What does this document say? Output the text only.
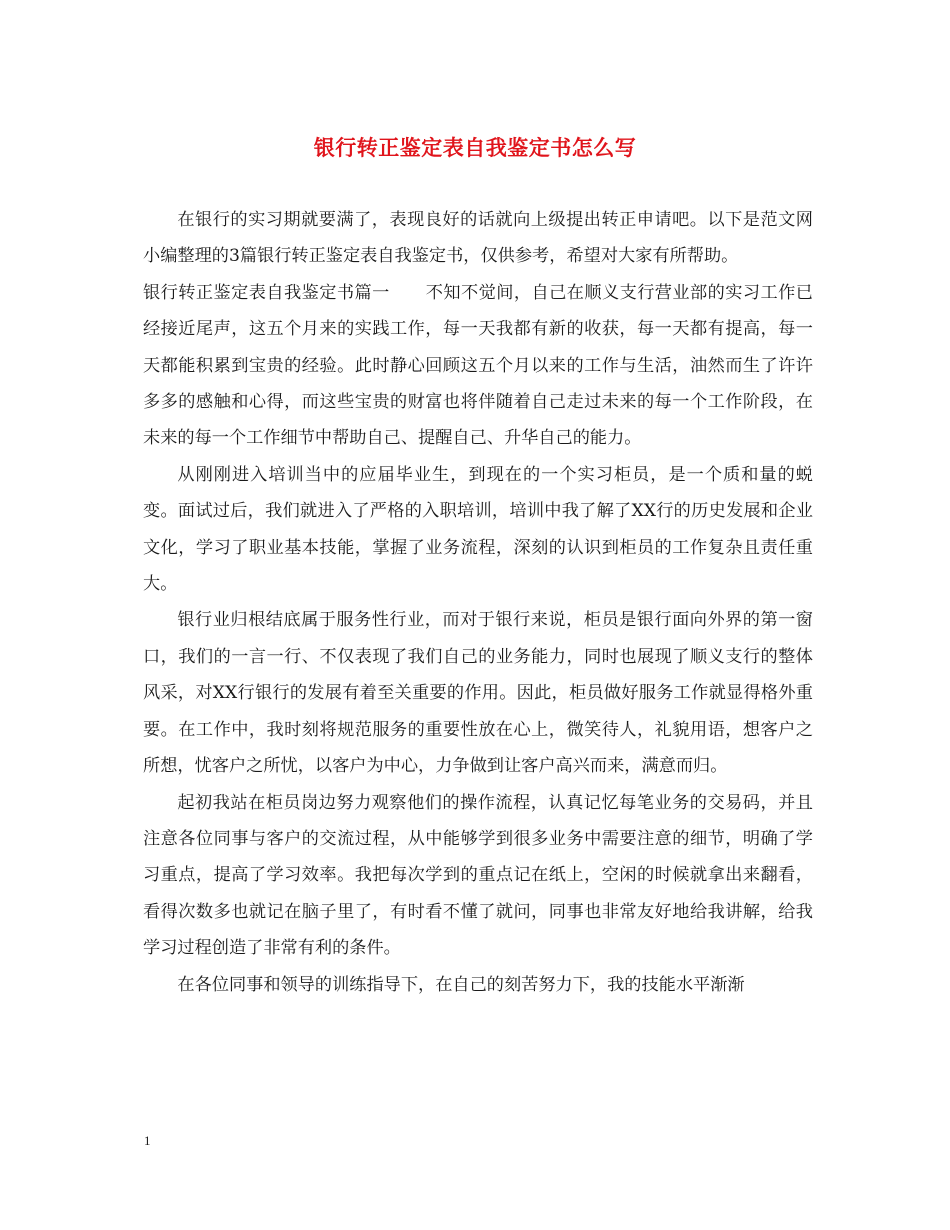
银行转正鉴定表自我鉴定书怎么写

在银行的实习期就要满了，表现良好的话就向上级提出转正申请吧。以下是范文网小编整理的3篇银行转正鉴定表自我鉴定书，仅供参考，希望对大家有所帮助。

银行转正鉴定表自我鉴定书篇一 不知不觉间，自己在顺义支行营业部的实习工作已经接近尾声，这五个月来的实践工作，每一天我都有新的收获，每一天都有提高，每一天都能积累到宝贵的经验。此时静心回顾这五个月以来的工作与生活，油然而生了许许多多的感触和心得，而这些宝贵的财富也将伴随着自己走过未来的每一个工作阶段，在未来的每一个工作细节中帮助自己、提醒自己、升华自己的能力。

从刚刚进入培训当中的应届毕业生，到现在的一个实习柜员，是一个质和量的蜕变。面试过后，我们就进入了严格的入职培训，培训中我了解了XX行的历史发展和企业文化，学习了职业基本技能，掌握了业务流程，深刻的认识到柜员的工作复杂且责任重大。

银行业归根结底属于服务性行业，而对于银行来说，柜员是银行面向外界的第一窗口，我们的一言一行、不仅表现了我们自己的业务能力，同时也展现了顺义支行的整体风采，对XX行银行的发展有着至关重要的作用。因此，柜员做好服务工作就显得格外重要。在工作中，我时刻将规范服务的重要性放在心上，微笑待人，礼貌用语，想客户之所想，忧客户之所忧，以客户为中心，力争做到让客户高兴而来，满意而归。

起初我站在柜员岗边努力观察他们的操作流程，认真记忆每笔业务的交易码，并且注意各位同事与客户的交流过程，从中能够学到很多业务中需要注意的细节，明确了学习重点，提高了学习效率。我把每次学到的重点记在纸上，空闲的时候就拿出来翻看，看得次数多也就记在脑子里了，有时看不懂了就问，同事也非常友好地给我讲解，给我学习过程创造了非常有利的条件。

在各位同事和领导的训练指导下，在自己的刻苦努力下，我的技能水平渐渐

1
